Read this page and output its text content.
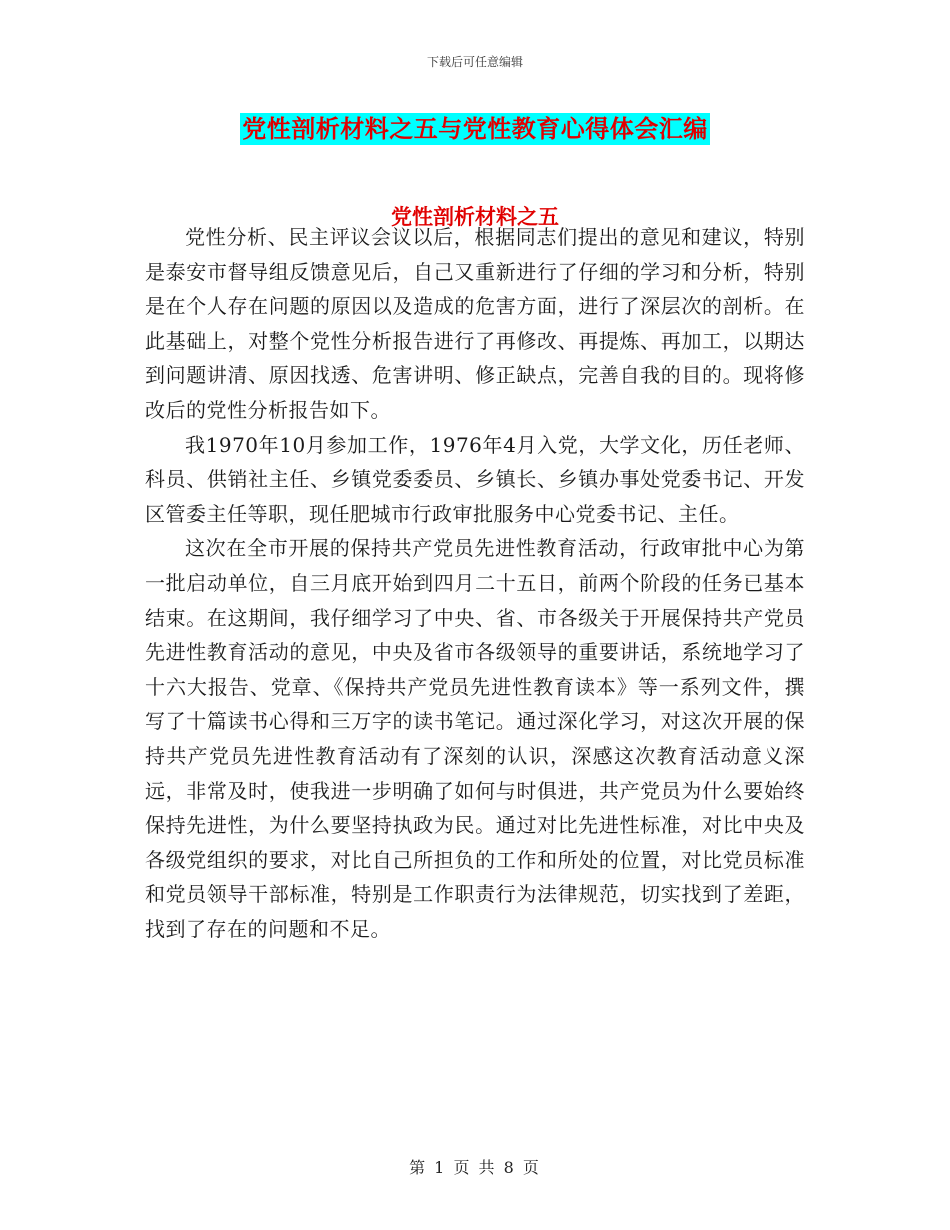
下载后可任意编辑
党性剖析材料之五与党性教育心得体会汇编
党性剖析材料之五

党性分析、民主评议会议以后，根据同志们提出的意见和建议，特别是泰安市督导组反馈意见后，自己又重新进行了仔细的学习和分析，特别是在个人存在问题的原因以及造成的危害方面，进行了深层次的剖析。在此基础上，对整个党性分析报告进行了再修改、再提炼、再加工，以期达到问题讲清、原因找透、危害讲明、修正缺点，完善自我的目的。现将修改后的党性分析报告如下。

我1970年10月参加工作，1976年4月入党，大学文化，历任老师、科员、供销社主任、乡镇党委委员、乡镇长、乡镇办事处党委书记、开发区管委主任等职，现任肥城市行政审批服务中心党委书记、主任。

这次在全市开展的保持共产党员先进性教育活动，行政审批中心为第一批启动单位，自三月底开始到四月二十五日，前两个阶段的任务已基本结束。在这期间，我仔细学习了中央、省、市各级关于开展保持共产党员先进性教育活动的意见，中央及省市各级领导的重要讲话，系统地学习了十六大报告、党章、《保持共产党员先进性教育读本》等一系列文件，撰写了十篇读书心得和三万字的读书笔记。通过深化学习，对这次开展的保持共产党员先进性教育活动有了深刻的认识，深感这次教育活动意义深远，非常及时，使我进一步明确了如何与时俱进，共产党员为什么要始终保持先进性，为什么要坚持执政为民。通过对比先进性标准，对比中央及各级党组织的要求，对比自己所担负的工作和所处的位置，对比党员标准和党员领导干部标准，特别是工作职责行为法律规范，切实找到了差距，找到了存在的问题和不足。

第 1 页 共 8 页
